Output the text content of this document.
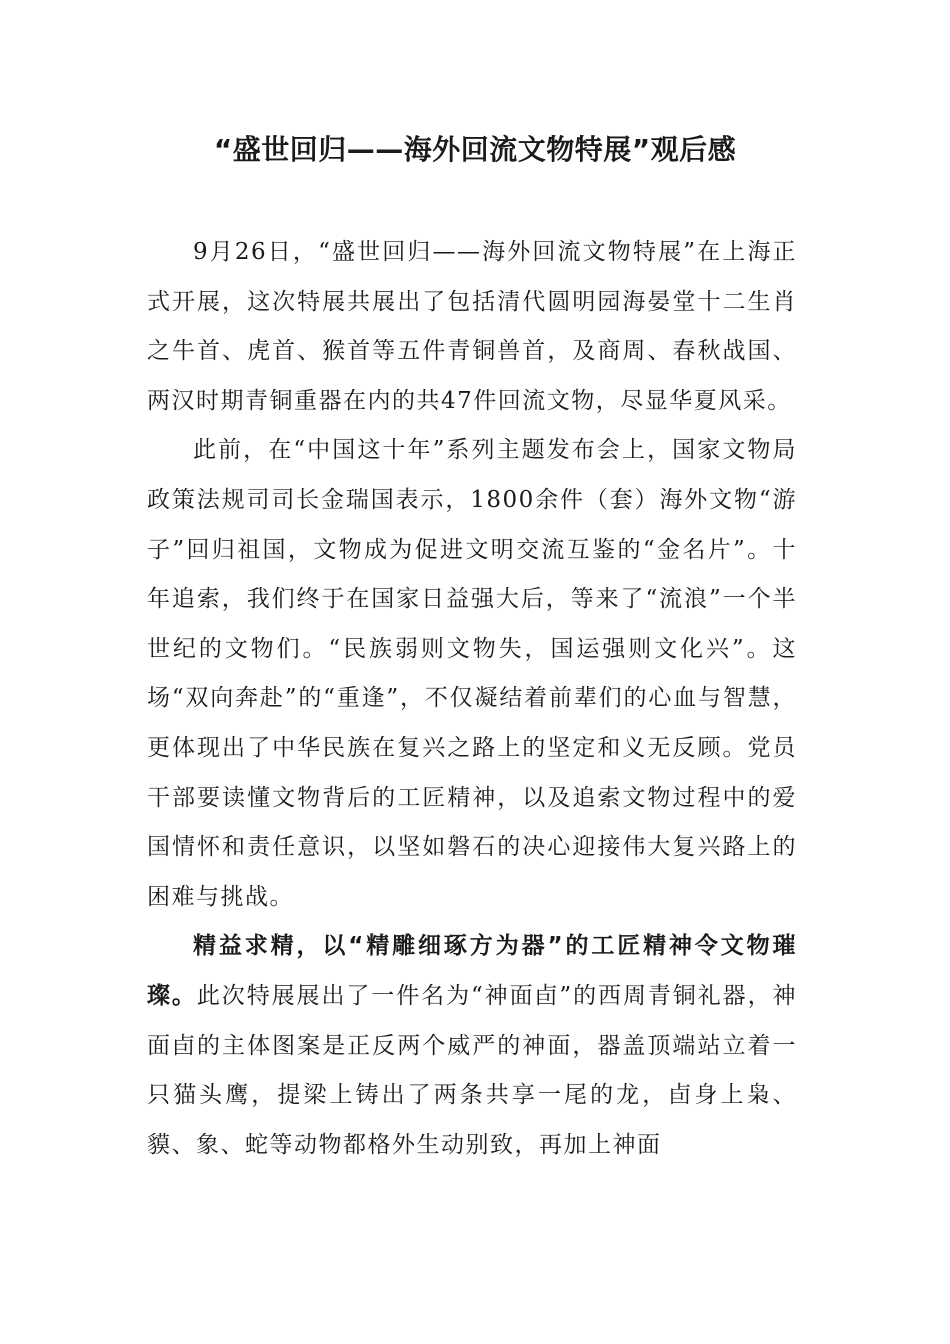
“盛世回归——海外回流文物特展”观后感

9月26日，“盛世回归——海外回流文物特展”在上海正式开展，这次特展共展出了包括清代圆明园海晏堂十二生肖之牛首、虎首、猴首等五件青铜兽首，及商周、春秋战国、两汉时期青铜重器在内的共47件回流文物，尽显华夏风采。

此前，在“中国这十年”系列主题发布会上，国家文物局政策法规司司长金瑞国表示，1800余件（套）海外文物“游子”回归祖国，文物成为促进文明交流互鉴的“金名片”。十年追索，我们终于在国家日益强大后，等来了“流浪”一个半世纪的文物们。“民族弱则文物失，国运强则文化兴”。这场“双向奔赴”的“重逢”，不仅凝结着前辈们的心血与智慧，更体现出了中华民族在复兴之路上的坚定和义无反顾。党员干部要读懂文物背后的工匠精神，以及追索文物过程中的爱国情怀和责任意识，以坚如磐石的决心迎接伟大复兴路上的困难与挑战。

精益求精，以“精雕细琢方为器”的工匠精神令文物璀璨。此次特展展出了一件名为“神面卣”的西周青铜礼器，神面卣的主体图案是正反两个威严的神面，器盖顶端站立着一只猫头鹰，提梁上铸出了两条共享一尾的龙，卣身上枭、貘、象、蛇等动物都格外生动别致，再加上神面
